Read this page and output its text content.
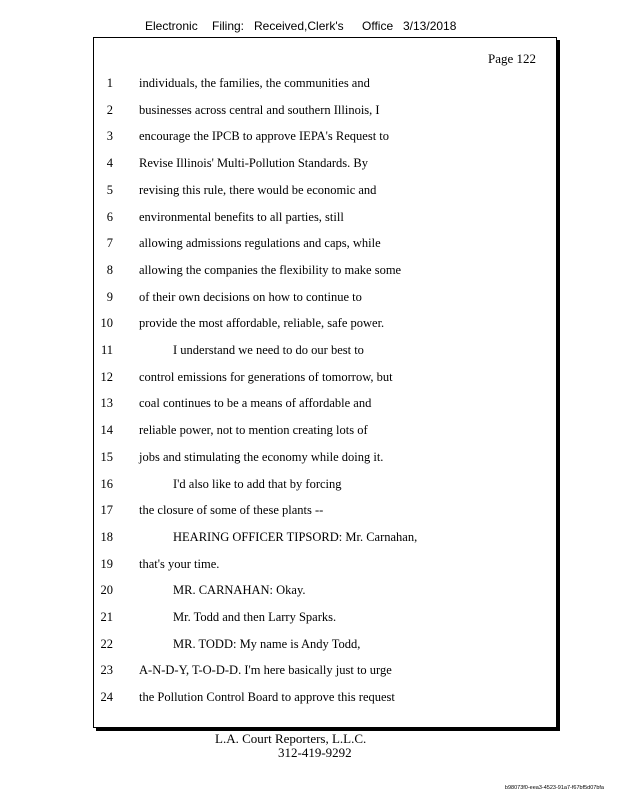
Electronic Filing: Received,Clerk's Office 3/13/2018
Page 122
1 individuals, the families, the communities and
2 businesses across central and southern Illinois, I
3 encourage the IPCB to approve IEPA's Request to
4 Revise Illinois' Multi-Pollution Standards. By
5 revising this rule, there would be economic and
6 environmental benefits to all parties, still
7 allowing admissions regulations and caps, while
8 allowing the companies the flexibility to make some
9 of their own decisions on how to continue to
10 provide the most affordable, reliable, safe power.
11	I understand we need to do our best to
12 control emissions for generations of tomorrow, but
13 coal continues to be a means of affordable and
14 reliable power, not to mention creating lots of
15 jobs and stimulating the economy while doing it.
16	I'd also like to add that by forcing
17 the closure of some of these plants --
18	HEARING OFFICER TIPSORD: Mr. Carnahan,
19 that's your time.
20	MR. CARNAHAN: Okay.
21	Mr. Todd and then Larry Sparks.
22	MR. TODD: My name is Andy Todd,
23 A-N-D-Y, T-O-D-D. I'm here basically just to urge
24 the Pollution Control Board to approve this request
L.A. Court Reporters, L.L.C.
312-419-9292
b98073f0-eea3-4523-91a7-f67bf5d07bfa
